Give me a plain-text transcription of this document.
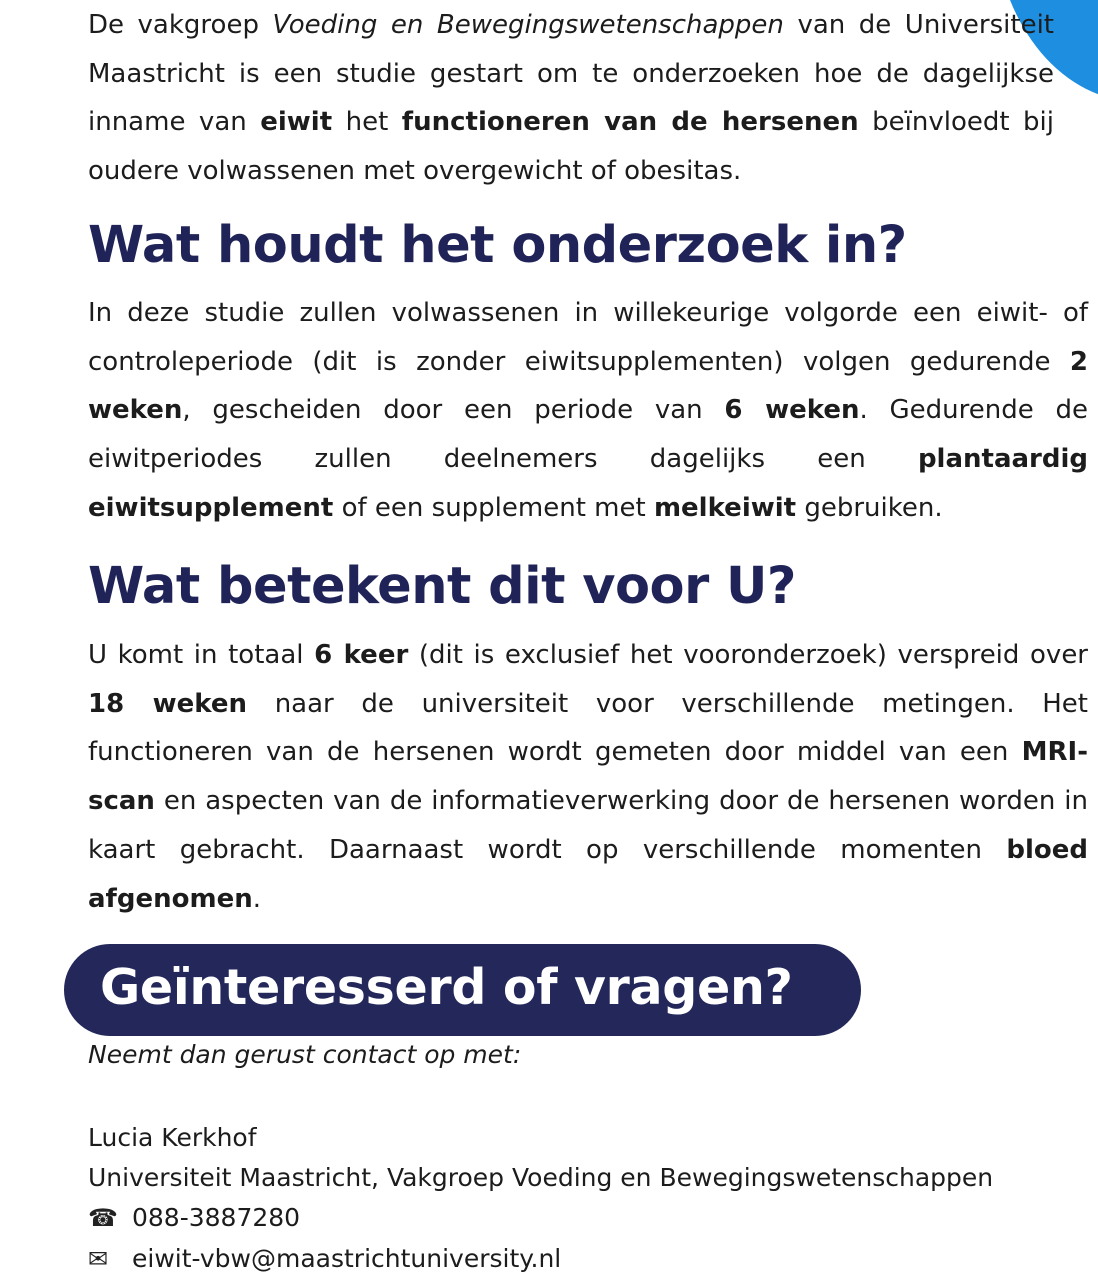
De vakgroep Voeding en Bewegingswetenschappen van de Universiteit Maastricht is een studie gestart om te onderzoeken hoe de dagelijkse inname van eiwit het functioneren van de hersenen beïnvloedt bij oudere volwassenen met overgewicht of obesitas.

Wat houdt het onderzoek in?

In deze studie zullen volwassenen in willekeurige volgorde een eiwit- of controleperiode (dit is zonder eiwitsupplementen) volgen gedurende 2 weken, gescheiden door een periode van 6 weken. Gedurende de eiwitperiodes zullen deelnemers dagelijks een plantaardig eiwitsupplement of een supplement met melkeiwit gebruiken.

Wat betekent dit voor U?

U komt in totaal 6 keer (dit is exclusief het vooronderzoek) verspreid over 18 weken naar de universiteit voor verschillende metingen. Het functioneren van de hersenen wordt gemeten door middel van een MRI-scan en aspecten van de informatieverwerking door de hersenen worden in kaart gebracht. Daarnaast wordt op verschillende momenten bloed afgenomen.

Geïnteresserd of vragen?
Neemt dan gerust contact op met:
Lucia Kerkhof
Universiteit Maastricht, Vakgroep Voeding en Bewegingswetenschappen
☎ 088-3887280
✉ eiwit-vbw@maastrichtuniversity.nl
